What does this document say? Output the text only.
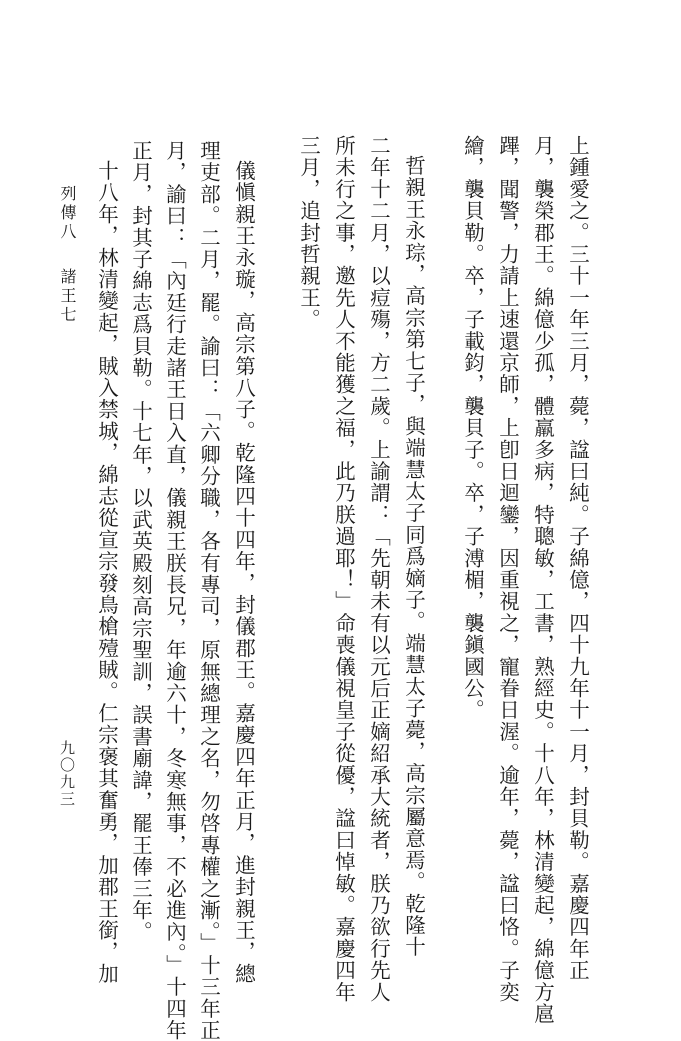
上鍾愛之。三十一年三月，薨，諡曰純。子綿億，四十九年十一月，封貝勒。嘉慶四年正
月，襲榮郡王。綿億少孤，體羸多病，特聰敏，工書，熟經史。十八年，林清變起，綿億方扈
蹕，聞警，力請上速還京師，上卽日迴鑾，因重視之，寵眷日渥。逾年，薨，諡曰恪。子奕
繪，襲貝勒。卒，子載鈞，襲貝子。卒，子溥楣，襲鎭國公。
哲親王永琮，高宗第七子，與端慧太子同爲嫡子。端慧太子薨，高宗屬意焉。乾隆十
二年十二月，以痘殤，方二歲。上諭謂：「先朝未有以元后正嫡紹承大統者，朕乃欲行先人
所未行之事，邀先人不能獲之福，此乃朕過耶！」命喪儀視皇子從優，諡曰悼敏。嘉慶四年
三月，追封哲親王。
儀愼親王永璇，高宗第八子。乾隆四十四年，封儀郡王。嘉慶四年正月，進封親王，總
理吏部。二月，罷。諭曰：「六卿分職，各有專司，原無總理之名，勿啓專權之漸。」十三年正
月，諭曰：「內廷行走諸王日入直，儀親王朕長兄，年逾六十，冬寒無事，不必進內。」十四年
正月，封其子綿志爲貝勒。十七年，以武英殿刻高宗聖訓，誤書廟諱，罷王俸三年。
十八年，林清變起，賊入禁城，綿志從宣宗發鳥槍殪賊。仁宗褒其奮勇，加郡王銜，加
列傳八
諸王七
九〇九三
